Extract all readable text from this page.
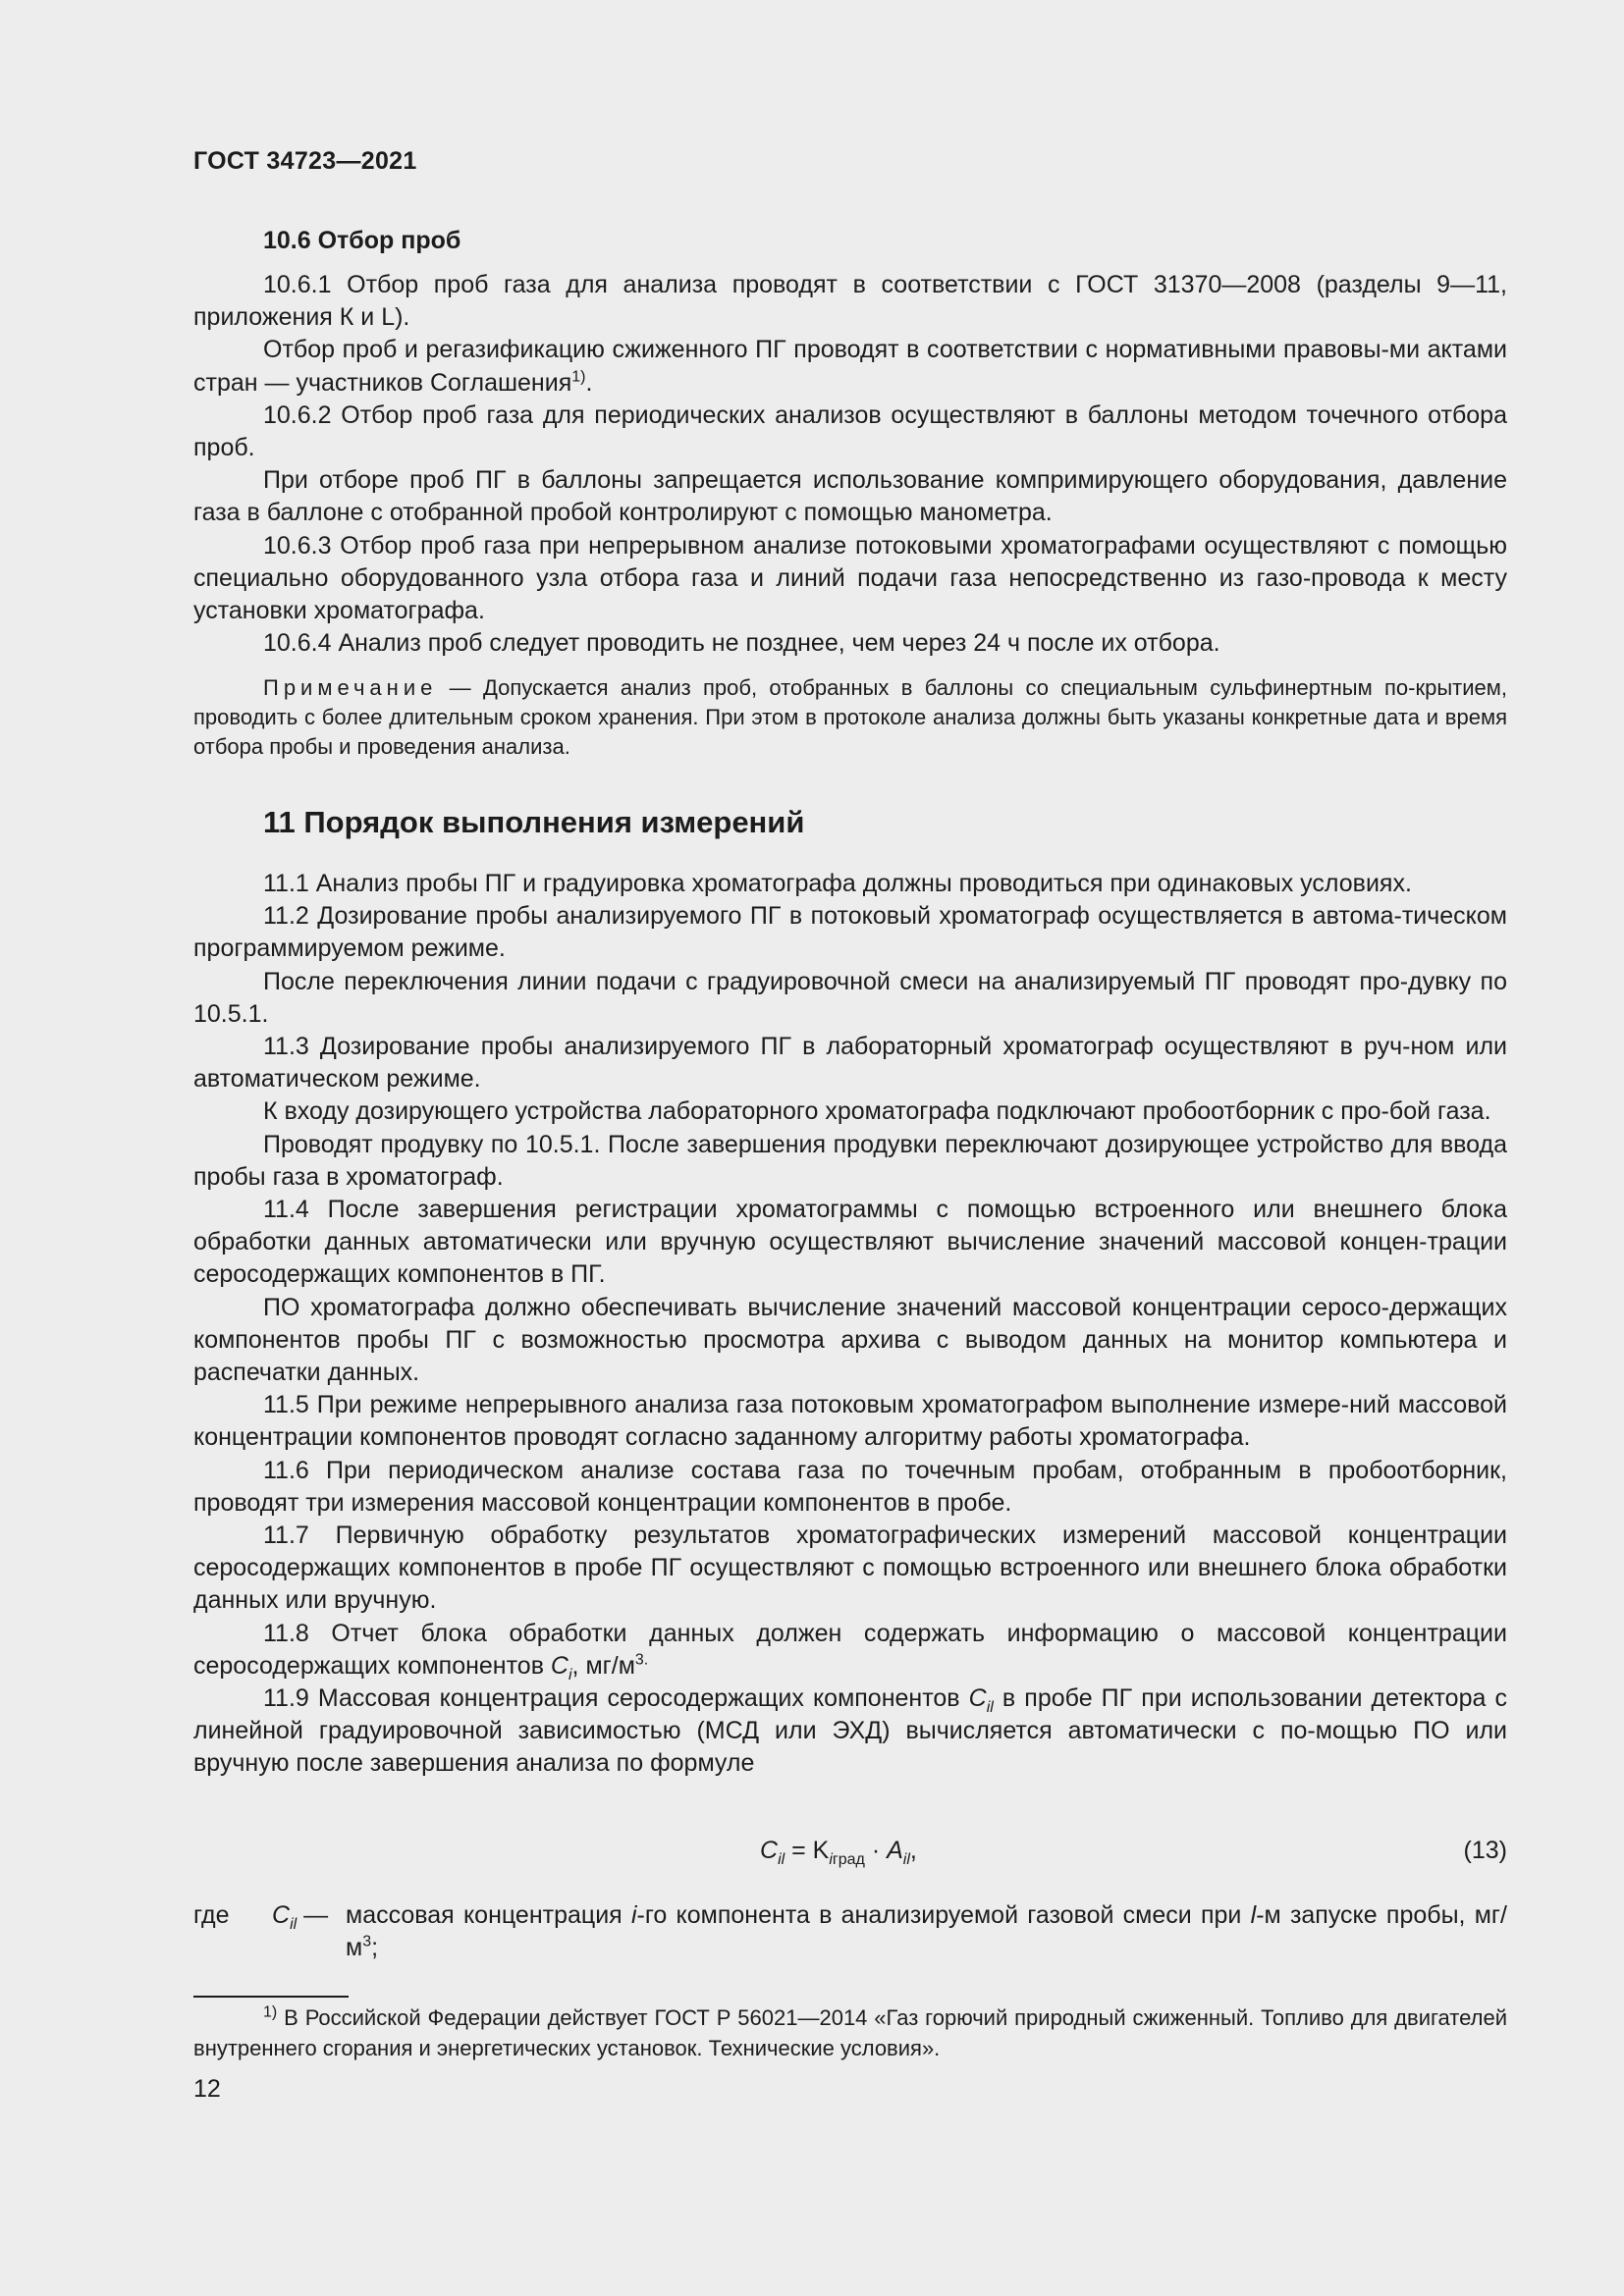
ГОСТ 34723—2021
10.6 Отбор проб

10.6.1 Отбор проб газа для анализа проводят в соответствии с ГОСТ 31370—2008 (разделы 9—11, приложения К и L).

Отбор проб и регазификацию сжиженного ПГ проводят в соответствии с нормативными правовы-ми актами стран — участников Соглашения$^{1)}$.

10.6.2 Отбор проб газа для периодических анализов осуществляют в баллоны методом точечного отбора проб.

При отборе проб ПГ в баллоны запрещается использование компримирующего оборудования, давление газа в баллоне с отобранной пробой контролируют с помощью манометра.

10.6.3 Отбор проб газа при непрерывном анализе потоковыми хроматографами осуществляют с помощью специально оборудованного узла отбора газа и линий подачи газа непосредственно из газо-провода к месту установки хроматографа.

10.6.4 Анализ проб следует проводить не позднее, чем через 24 ч после их отбора.

Примечание — Допускается анализ проб, отобранных в баллоны со специальным сульфинертным по-крытием, проводить с более длительным сроком хранения. При этом в протоколе анализа должны быть указаны конкретные дата и время отбора пробы и проведения анализа.

11 Порядок выполнения измерений

11.1 Анализ пробы ПГ и градуировка хроматографа должны проводиться при одинаковых условиях.

11.2 Дозирование пробы анализируемого ПГ в потоковый хроматограф осуществляется в автома-тическом программируемом режиме.

После переключения линии подачи с градуировочной смеси на анализируемый ПГ проводят про-дувку по 10.5.1.

11.3 Дозирование пробы анализируемого ПГ в лабораторный хроматограф осуществляют в руч-ном или автоматическом режиме.

К входу дозирующего устройства лабораторного хроматографа подключают пробоотборник с про-бой газа.

Проводят продувку по 10.5.1. После завершения продувки переключают дозирующее устройство для ввода пробы газа в хроматограф.

11.4 После завершения регистрации хроматограммы с помощью встроенного или внешнего блока обработки данных автоматически или вручную осуществляют вычисление значений массовой концен-трации серосодержащих компонентов в ПГ.

ПО хроматографа должно обеспечивать вычисление значений массовой концентрации серосо-держащих компонентов пробы ПГ с возможностью просмотра архива с выводом данных на монитор компьютера и распечатки данных.

11.5 При режиме непрерывного анализа газа потоковым хроматографом выполнение измере-ний массовой концентрации компонентов проводят согласно заданному алгоритму работы хроматографа.

11.6 При периодическом анализе состава газа по точечным пробам, отобранным в пробоотборник, проводят три измерения массовой концентрации компонентов в пробе.

11.7 Первичную обработку результатов хроматографических измерений массовой концентрации серосодержащих компонентов в пробе ПГ осуществляют с помощью встроенного или внешнего блока обработки данных или вручную.

11.8 Отчет блока обработки данных должен содержать информацию о массовой концентрации серосодержащих компонентов $C_i$, $мг/м^{3.}$

11.9 Массовая концентрация серосодержащих компонентов $C_{il}$ в пробе ПГ при использовании детектора с линейной градуировочной зависимостью (МСД или ЭХД) вычисляется автоматически с по-мощью ПО или вручную после завершения анализа по формуле

$C_{il} = K_{iград} \cdot A_{il}$,	(13)
где $C_{il}$ — массовая концентрация i-го компонента в анализируемой газовой смеси при l-м запуске пробы, $мг/м^3$;

$^{1)}$ В Российской Федерации действует ГОСТ Р 56021—2014 «Газ горючий природный сжиженный. Топливо для двигателей внутреннего сгорания и энергетических установок. Технические условия».

12
